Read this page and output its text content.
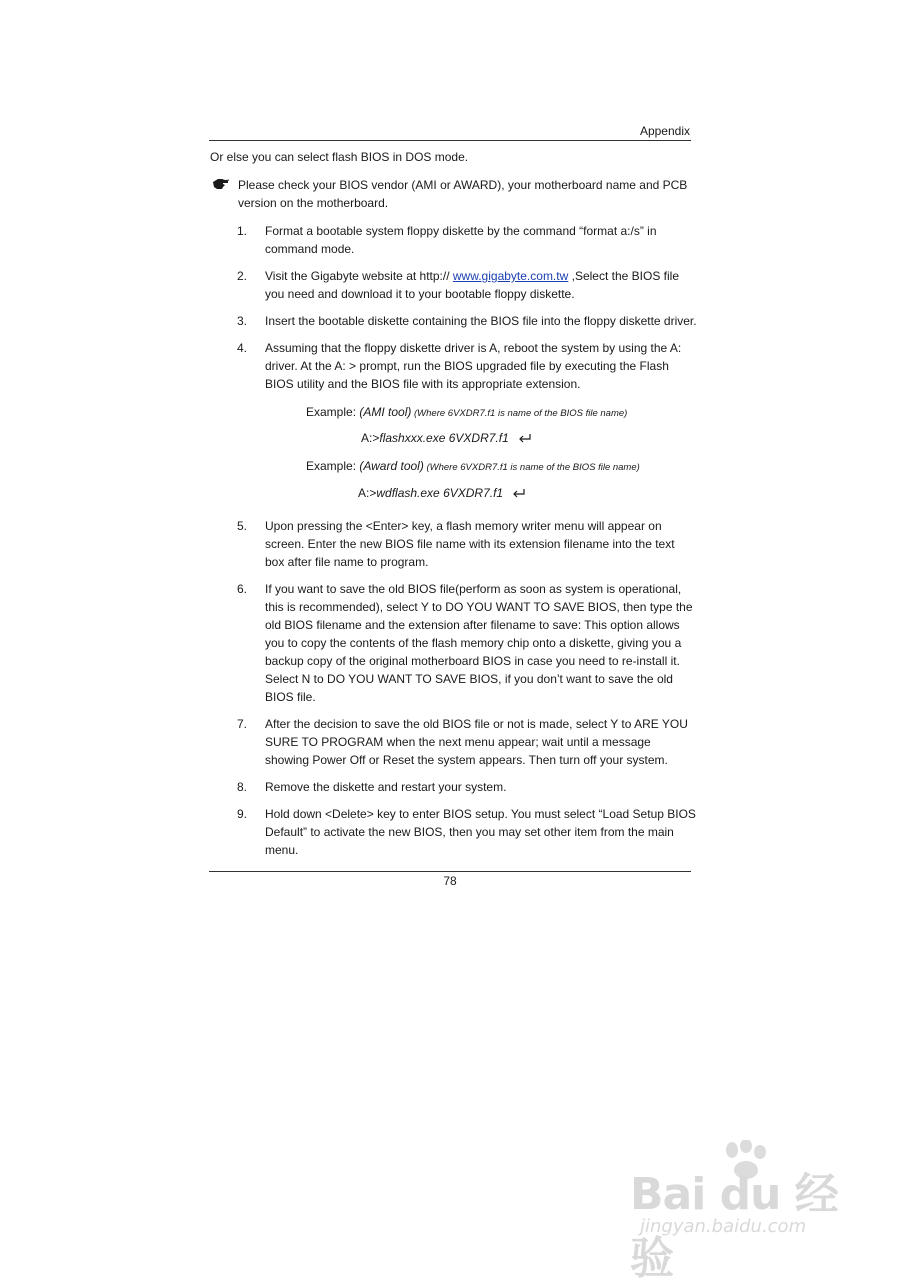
Appendix
Or else you can select flash BIOS in DOS mode.
Please check your BIOS vendor (AMI or AWARD), your motherboard name and PCB version on the motherboard.
1.	Format a bootable system floppy diskette by the command “format a:/s” in command mode.
2.	Visit the Gigabyte website at http:// www.gigabyte.com.tw ,Select the BIOS file you need and download it to your bootable floppy diskette.
3.	Insert the bootable diskette containing the BIOS file into the floppy diskette driver.
4.	Assuming that the floppy diskette driver is A, reboot the system by using the A: driver. At the A: > prompt, run the BIOS upgraded file by executing the Flash BIOS utility and the BIOS file with its appropriate extension.
5.	Upon pressing the <Enter> key, a flash memory writer menu will appear on screen. Enter the new BIOS file name with its extension filename into the text box after file name to program.
6.	If you want to save the old BIOS file(perform as soon as system is operational, this is recommended), select Y to DO YOU WANT TO SAVE BIOS, then type the old BIOS filename and the extension after filename to save: This option allows you to copy the contents of the flash memory chip onto a diskette, giving you a backup copy of the original motherboard BIOS in case you need to re-install it. Select N to DO YOU WANT TO SAVE BIOS, if you don’t want to save the old BIOS file.
7.	After the decision to save the old BIOS file or not is made, select Y to ARE YOU SURE TO PROGRAM when the next menu appear; wait until a message showing Power Off or Reset the system appears. Then turn off your system.
8.	Remove the diskette and restart your system.
9.	Hold down <Delete> key to enter BIOS setup. You must select “Load Setup BIOS Default” to activate the new BIOS, then you may set other item from the main menu.
Example: (AMI tool) (Where 6VXDR7.f1 is name of the BIOS file name)
A:>flashxxx.exe 6VXDR7.f1
Example: (Award tool) (Where 6VXDR7.f1 is name of the BIOS file name)
A:>wdflash.exe 6VXDR7.f1
78
Bai du 经验
jingyan.baidu.com
